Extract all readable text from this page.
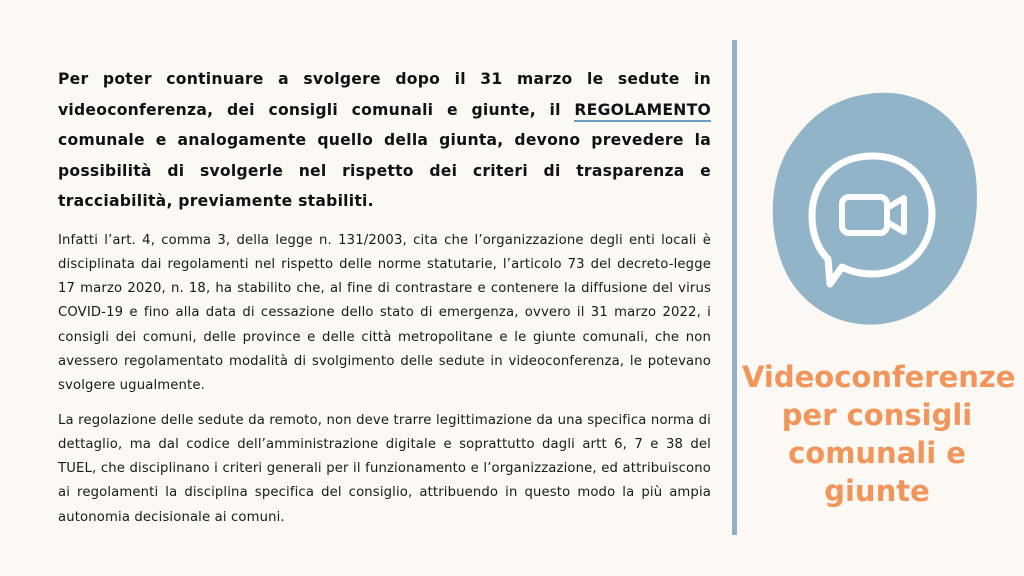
Per poter continuare a svolgere dopo il 31 marzo le sedute in videoconferenza, dei consigli comunali e giunte, il REGOLAMENTO comunale e analogamente quello della giunta, devono prevedere la possibilità di svolgerle nel rispetto dei criteri di trasparenza e tracciabilità, previamente stabiliti.

Infatti l’art. 4, comma 3, della legge n. 131/2003, cita che l’organizzazione degli enti locali è disciplinata dai regolamenti nel rispetto delle norme statutarie, l’articolo 73 del decreto-legge 17 marzo 2020, n. 18, ha stabilito che, al fine di contrastare e contenere la diffusione del virus COVID-19 e fino alla data di cessazione dello stato di emergenza, ovvero il 31 marzo 2022, i consigli dei comuni, delle province e delle città metropolitane e le giunte comunali, che non avessero regolamentato modalità di svolgimento delle sedute in videoconferenza, le potevano svolgere ugualmente.

La regolazione delle sedute da remoto, non deve trarre legittimazione da una specifica norma di dettaglio, ma dal codice dell’amministrazione digitale e soprattutto dagli artt 6, 7 e 38 del TUEL, che disciplinano i criteri generali per il funzionamento e l’organizzazione, ed attribuiscono ai regolamenti la disciplina specifica del consiglio, attribuendo in questo modo la più ampia autonomia decisionale ai comuni.

Videoconferenze per consigli comunali e giunte
